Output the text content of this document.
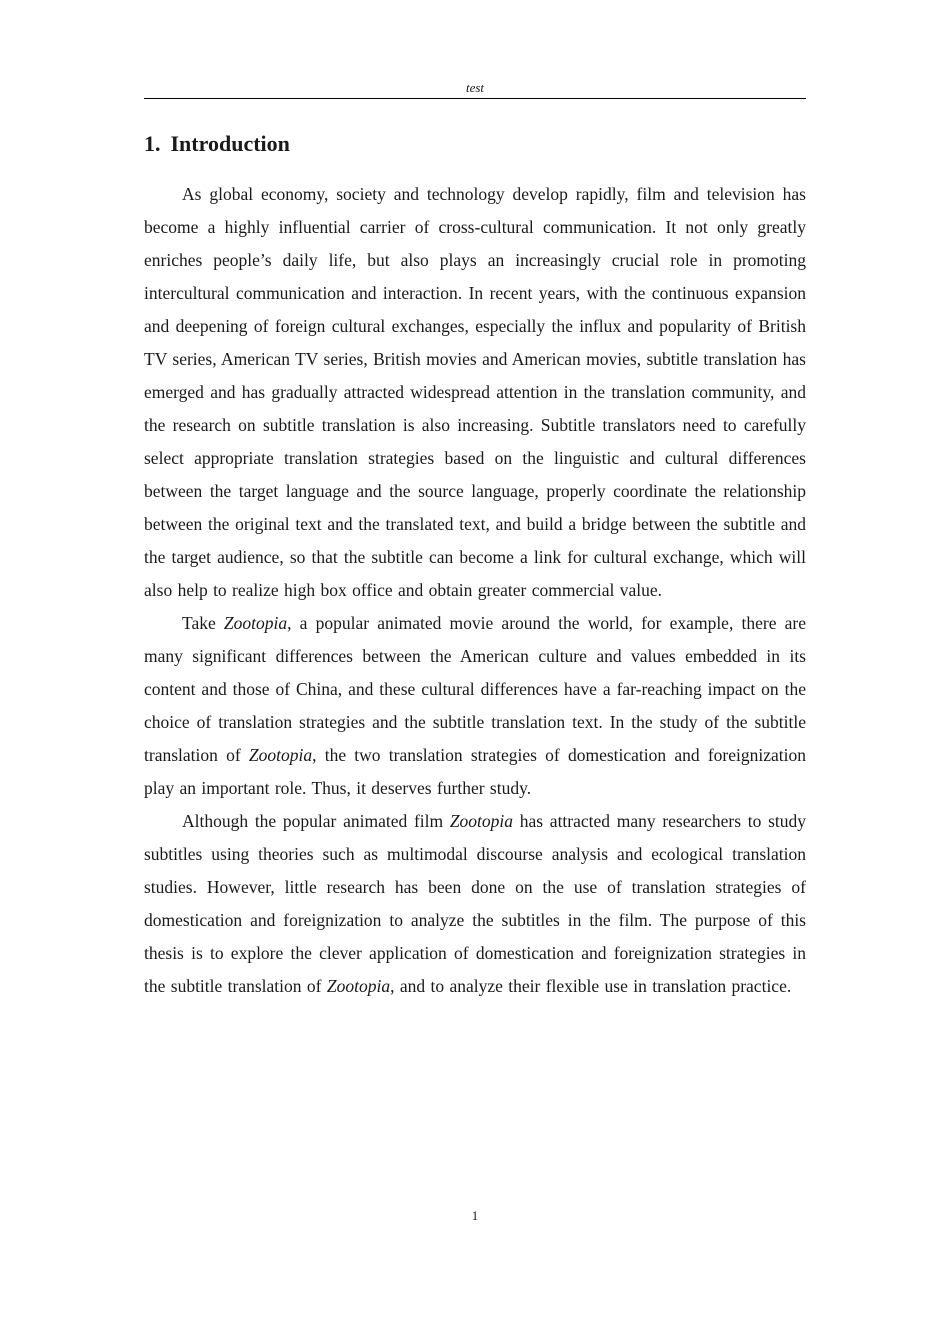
test
1. Introduction

As global economy, society and technology develop rapidly, film and television has become a highly influential carrier of cross-cultural communication. It not only greatly enriches people’s daily life, but also plays an increasingly crucial role in promoting intercultural communication and interaction. In recent years, with the continuous expansion and deepening of foreign cultural exchanges, especially the influx and popularity of British TV series, American TV series, British movies and American movies, subtitle translation has emerged and has gradually attracted widespread attention in the translation community, and the research on subtitle translation is also increasing. Subtitle translators need to carefully select appropriate translation strategies based on the linguistic and cultural differences between the target language and the source language, properly coordinate the relationship between the original text and the translated text, and build a bridge between the subtitle and the target audience, so that the subtitle can become a link for cultural exchange, which will also help to realize high box office and obtain greater commercial value.

Take Zootopia, a popular animated movie around the world, for example, there are many significant differences between the American culture and values embedded in its content and those of China, and these cultural differences have a far-reaching impact on the choice of translation strategies and the subtitle translation text. In the study of the subtitle translation of Zootopia, the two translation strategies of domestication and foreignization play an important role. Thus, it deserves further study.

Although the popular animated film Zootopia has attracted many researchers to study subtitles using theories such as multimodal discourse analysis and ecological translation studies. However, little research has been done on the use of translation strategies of domestication and foreignization to analyze the subtitles in the film. The purpose of this thesis is to explore the clever application of domestication and foreignization strategies in the subtitle translation of Zootopia, and to analyze their flexible use in translation practice.

1
